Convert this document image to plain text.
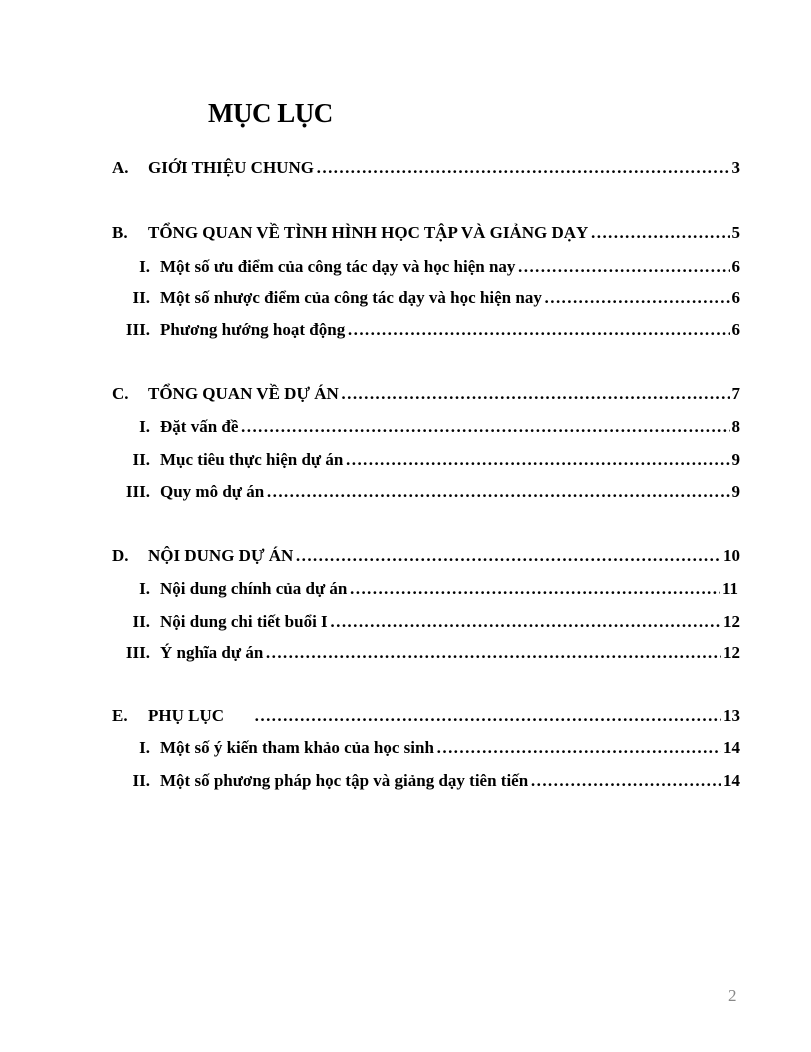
MỤC LỤC
A.	GIỚI THIỆU CHUNG ……………………………………………………………………………………………………………………………………………………………………………………	3
B.	TỔNG QUAN VỀ TÌNH HÌNH HỌC TẬP VÀ GIẢNG DẠY ……………………………………………………………………………………………………………………………………………………………………………………	5
I. Một số ưu điểm của công tác dạy và học hiện nay ……………………………………………………………………………………………………………………………………………………………………………………	6
II. Một số nhược điểm của công tác dạy và học hiện nay ……………………………………………………………………………………………………………………………………………………………………………………	6
III. Phương hướng hoạt động ……………………………………………………………………………………………………………………………………………………………………………………	6
C.	TỔNG QUAN VỀ DỰ ÁN ……………………………………………………………………………………………………………………………………………………………………………………	7
I. Đặt vấn đề ……………………………………………………………………………………………………………………………………………………………………………………	8
II. Mục tiêu thực hiện dự án ……………………………………………………………………………………………………………………………………………………………………………………	9
III. Quy mô dự án ……………………………………………………………………………………………………………………………………………………………………………………	9
D.	NỘI DUNG DỰ ÁN ……………………………………………………………………………………………………………………………………………………………………………………	10
I. Nội dung chính của dự án ……………………………………………………………………………………………………………………………………………………………………………………	11
II. Nội dung chi tiết buổi I ……………………………………………………………………………………………………………………………………………………………………………………	12
III. Ý nghĩa dự án ……………………………………………………………………………………………………………………………………………………………………………………	12
E.	PHỤ LỤC ……………………………………………………………………………………………………………………………………………………………………………………	13
I. Một số ý kiến tham khảo của học sinh ……………………………………………………………………………………………………………………………………………………………………………………	14
II. Một số phương pháp học tập và giảng dạy tiên tiến ……………………………………………………………………………………………………………………………………………………………………………………	14
2
